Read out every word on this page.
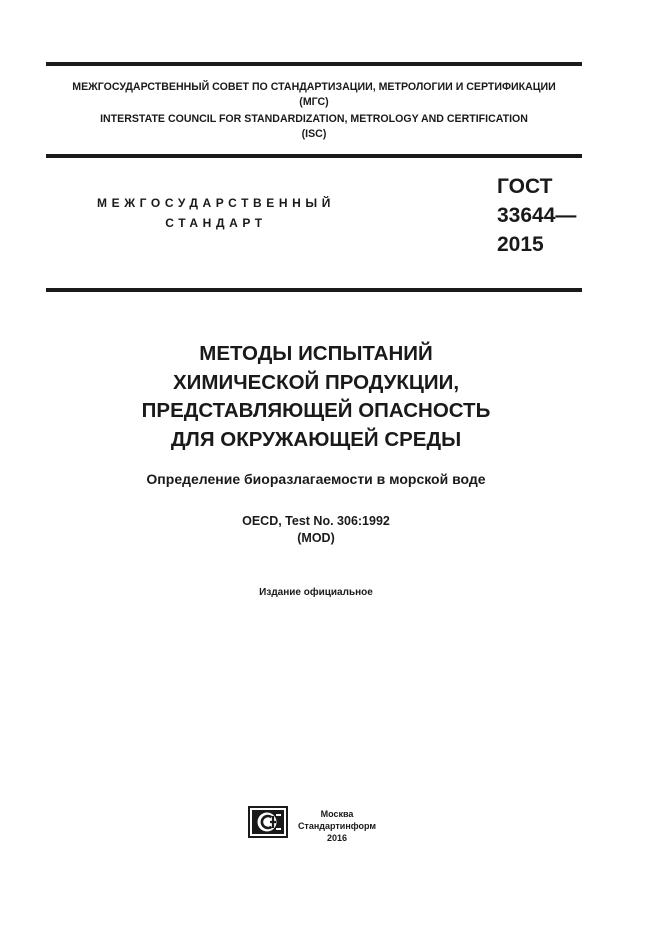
МЕЖГОСУДАРСТВЕННЫЙ СОВЕТ ПО СТАНДАРТИЗАЦИИ, МЕТРОЛОГИИ И СЕРТИФИКАЦИИ
(МГС)
INTERSTATE COUNCIL FOR STANDARDIZATION, METROLOGY AND CERTIFICATION
(ISC)
МЕЖГОСУДАРСТВЕННЫЙ
СТАНДАРТ
ГОСТ
33644—
2015
МЕТОДЫ ИСПЫТАНИЙ
ХИМИЧЕСКОЙ ПРОДУКЦИИ,
ПРЕДСТАВЛЯЮЩЕЙ ОПАСНОСТЬ
ДЛЯ ОКРУЖАЮЩЕЙ СРЕДЫ
Определение биоразлагаемости в морской воде
OECD, Test No. 306:1992
(MOD)
Издание официальное
Москва
Стандартинформ
2016
